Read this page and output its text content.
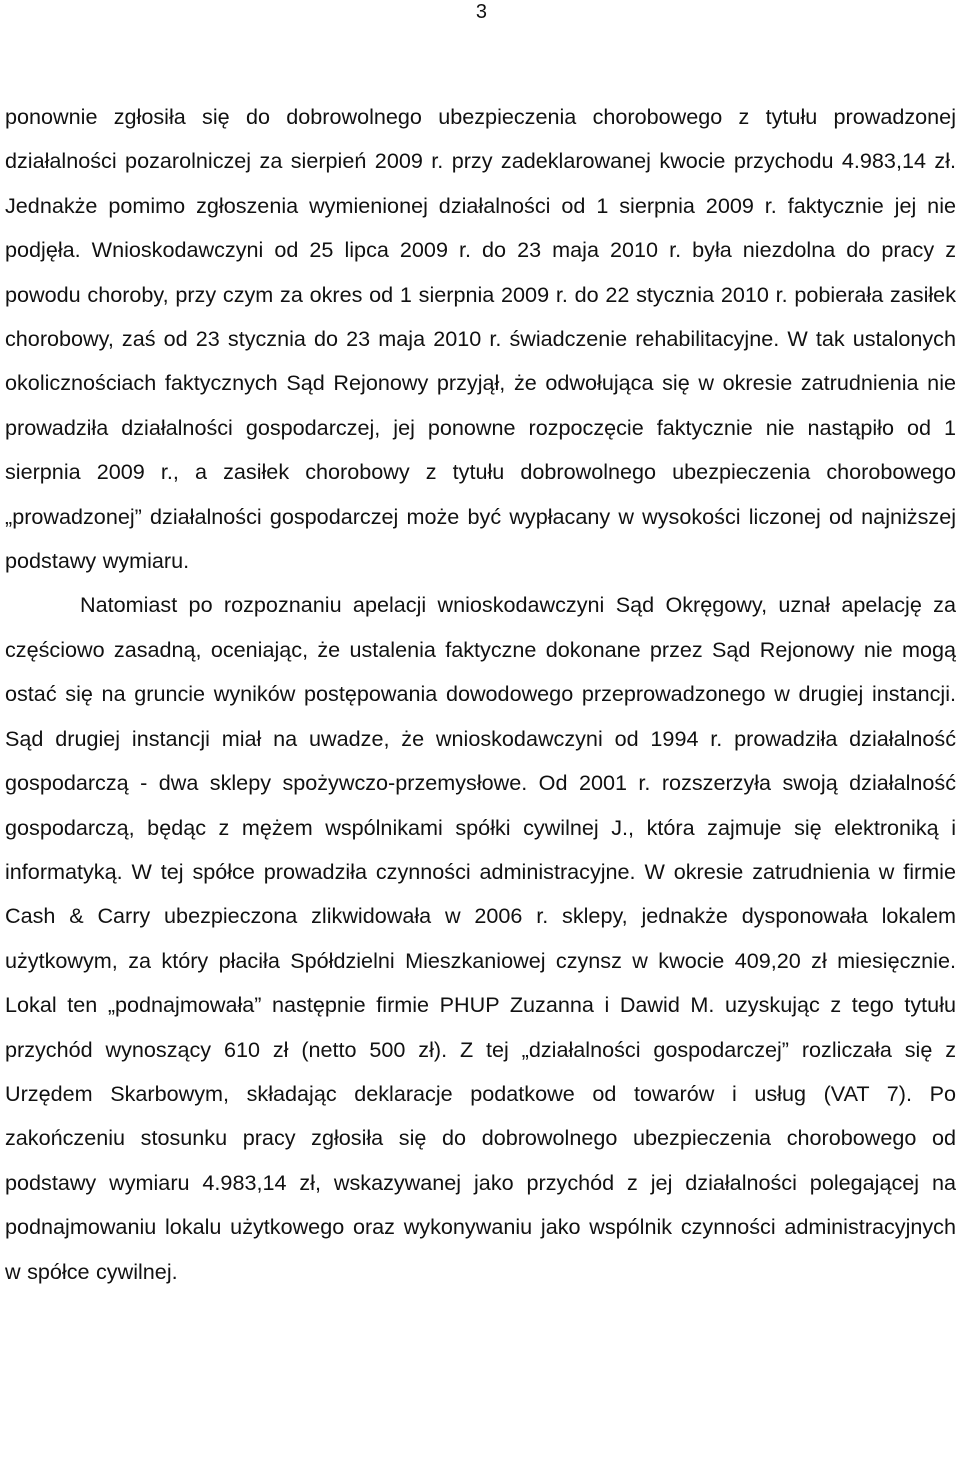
3

ponownie zgłosiła się do dobrowolnego ubezpieczenia chorobowego z tytułu prowadzonej działalności pozarolniczej za sierpień 2009 r. przy zadeklarowanej kwocie przychodu 4.983,14 zł. Jednakże pomimo zgłoszenia wymienionej działalności od 1 sierpnia 2009 r. faktycznie jej nie podjęła. Wnioskodawczyni od 25 lipca 2009 r. do 23 maja 2010 r. była niezdolna do pracy z powodu choroby, przy czym za okres od 1 sierpnia 2009 r. do 22 stycznia 2010 r. pobierała zasiłek chorobowy, zaś od 23 stycznia do 23 maja 2010 r. świadczenie rehabilitacyjne. W tak ustalonych okolicznościach faktycznych Sąd Rejonowy przyjął, że odwołująca się w okresie zatrudnienia nie prowadziła działalności gospodarczej, jej ponowne rozpoczęcie faktycznie nie nastąpiło od 1 sierpnia 2009 r., a zasiłek chorobowy z tytułu dobrowolnego ubezpieczenia chorobowego „prowadzonej” działalności gospodarczej może być wypłacany w wysokości liczonej od najniższej podstawy wymiaru.

Natomiast po rozpoznaniu apelacji wnioskodawczyni Sąd Okręgowy, uznał apelację za częściowo zasadną, oceniając, że ustalenia faktyczne dokonane przez Sąd Rejonowy nie mogą ostać się na gruncie wyników postępowania dowodowego przeprowadzonego w drugiej instancji. Sąd drugiej instancji miał na uwadze, że wnioskodawczyni od 1994 r. prowadziła działalność gospodarczą - dwa sklepy spożywczo-przemysłowe. Od 2001 r. rozszerzyła swoją działalność gospodarczą, będąc z mężem wspólnikami spółki cywilnej J., która zajmuje się elektroniką i informatyką. W tej spółce prowadziła czynności administracyjne. W okresie zatrudnienia w firmie Cash & Carry ubezpieczona zlikwidowała w 2006 r. sklepy, jednakże dysponowała lokalem użytkowym, za który płaciła Spółdzielni Mieszkaniowej czynsz w kwocie 409,20 zł miesięcznie. Lokal ten „podnajmowała” następnie firmie PHUP Zuzanna i Dawid M. uzyskując z tego tytułu przychód wynoszący 610 zł (netto 500 zł). Z tej „działalności gospodarczej” rozliczała się z Urzędem Skarbowym, składając deklaracje podatkowe od towarów i usług (VAT 7). Po zakończeniu stosunku pracy zgłosiła się do dobrowolnego ubezpieczenia chorobowego od podstawy wymiaru 4.983,14 zł, wskazywanej jako przychód z jej działalności polegającej na podnajmowaniu lokalu użytkowego oraz wykonywaniu jako wspólnik czynności administracyjnych w spółce cywilnej.
